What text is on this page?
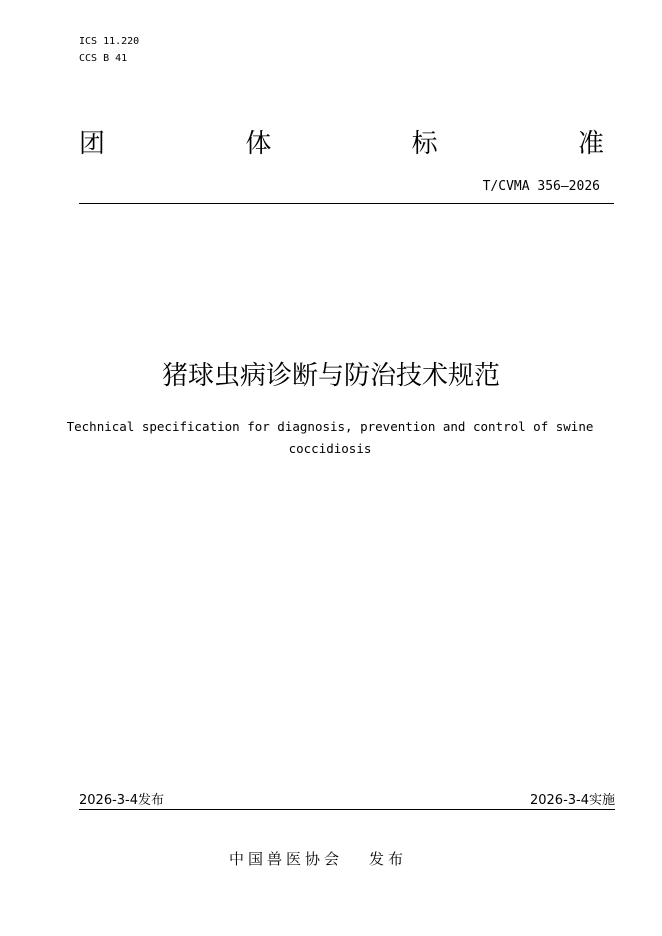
ICS 11.220
CCS B 41
团	体	标	准
T/CVMA 356—2026
猪球虫病诊断与防治技术规范
Technical specification for diagnosis, prevention and control of swine
coccidiosis
2026-3-4发布	2026-3-4实施
中国兽医协会 发布
